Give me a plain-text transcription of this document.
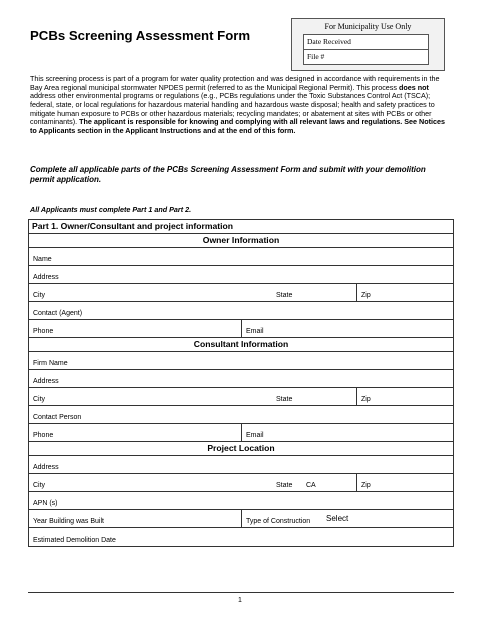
PCBs Screening Assessment Form
For Municipality Use Only
Date Received
File #

This screening process is part of a program for water quality protection and was designed in accordance with requirements in the Bay Area regional municipal stormwater NPDES permit (referred to as the Municipal Regional Permit). This process does not address other environmental programs or regulations (e.g., PCBs regulations under the Toxic Substances Control Act (TSCA); federal, state, or local regulations for hazardous material handling and hazardous waste disposal; health and safety practices to mitigate human exposure to PCBs or other hazardous materials; recycling mandates; or abatement at sites with PCBs or other contaminants). The applicant is responsible for knowing and complying with all relevant laws and regulations. See Notices to Applicants section in the Applicant Instructions and at the end of this form.

Complete all applicable parts of the PCBs Screening Assessment Form and submit with your demolition permit application.

All Applicants must complete Part 1 and Part 2.

Part 1. Owner/Consultant and project information
Owner Information
Name
Address
City	State	Zip
Contact (Agent)
Phone	Email
Consultant Information
Firm Name
Address
City	State	Zip
Contact Person
Phone	Email
Project Location
Address
City	State CA	Zip
APN (s)
Year Building was Built	Type of Construction Select
Estimated Demolition Date
1
